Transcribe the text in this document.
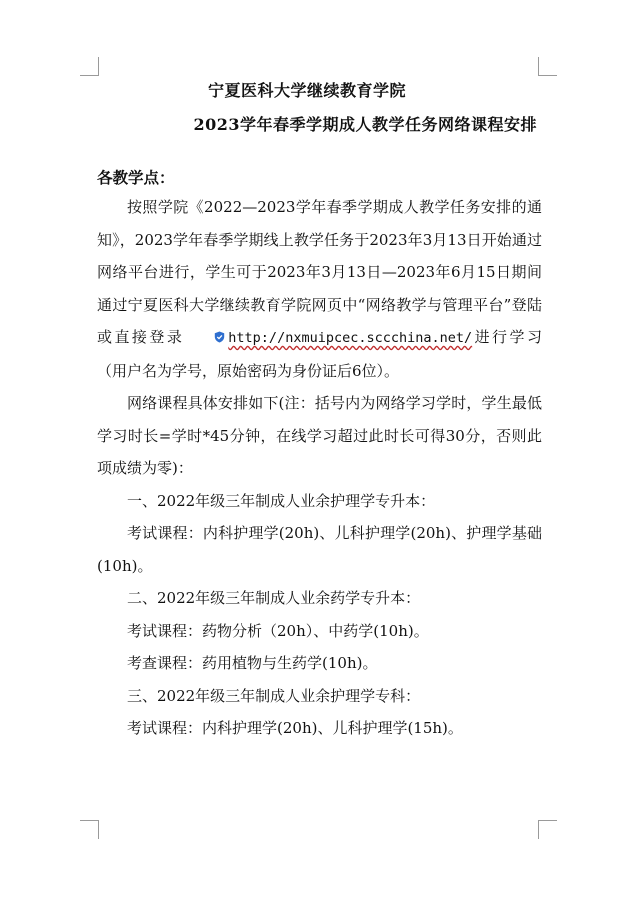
宁夏医科大学继续教育学院
2023学年春季学期成人教学任务网络课程安排
各教学点：

按照学院《2022—2023学年春季学期成人教学任务安排的通知》，2023学年春季学期线上教学任务于2023年3月13日开始通过网络平台进行，学生可于2023年3月13日—2023年6月15日期间通过宁夏医科大学继续教育学院网页中“网络教学与管理平台”登陆或直接登录	http://nxmuipcec.sccchina.net/进行学习（用户名为学号，原始密码为身份证后6位）。

网络课程具体安排如下(注：括号内为网络学习学时，学生最低学习时长=学时*45分钟，在线学习超过此时长可得30分，否则此项成绩为零)：

一、2022年级三年制成人业余护理学专升本：

考试课程：内科护理学(20h)、儿科护理学(20h)、护理学基础(10h)。

二、2022年级三年制成人业余药学专升本：

考试课程：药物分析（20h）、中药学(10h)。

考查课程：药用植物与生药学(10h)。

三、2022年级三年制成人业余护理学专科：

考试课程：内科护理学(20h)、儿科护理学(15h)。
